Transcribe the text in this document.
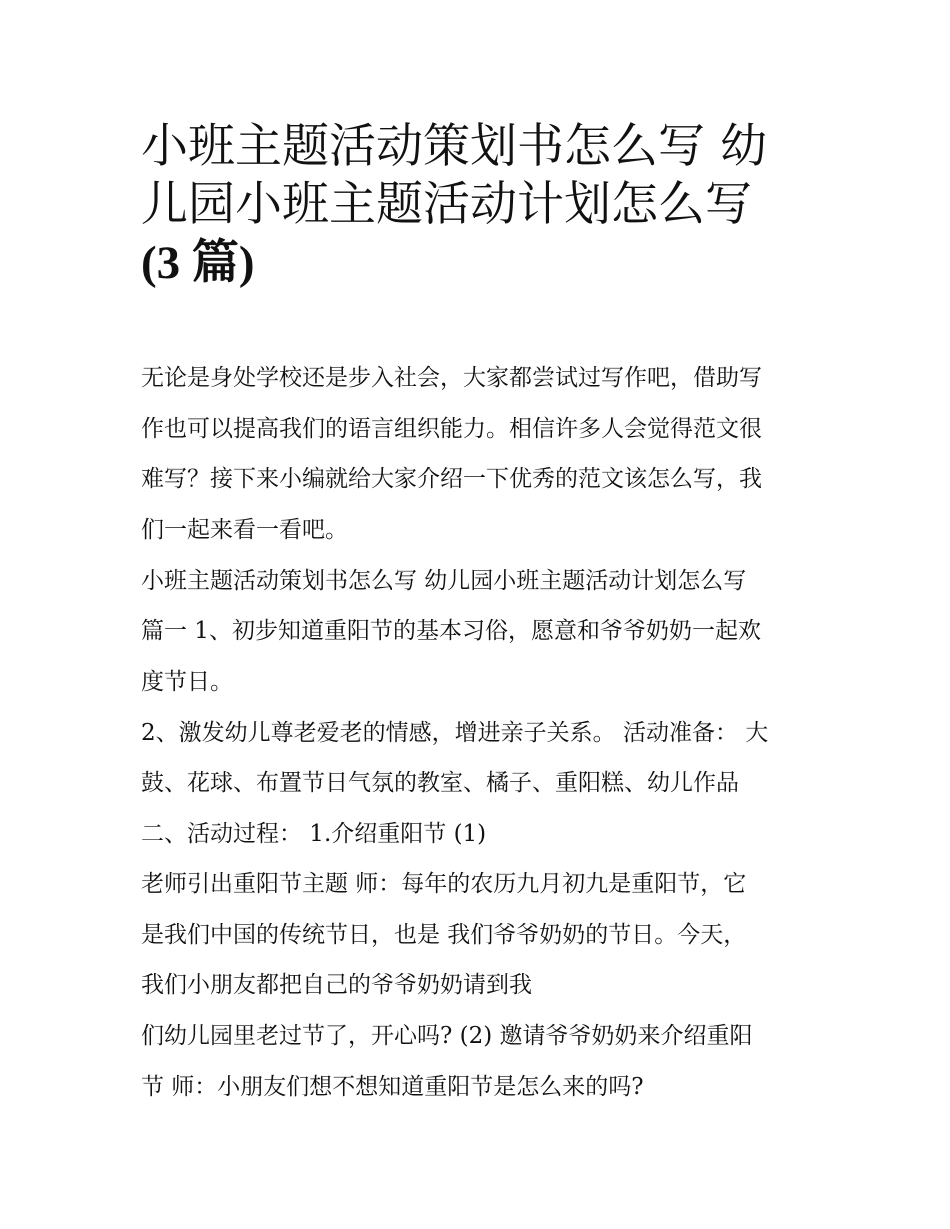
小班主题活动策划书怎么写 幼
儿园小班主题活动计划怎么写
(3 篇)
无论是身处学校还是步入社会，大家都尝试过写作吧，借助写
作也可以提高我们的语言组织能力。相信许多人会觉得范文很
难写？接下来小编就给大家介绍一下优秀的范文该怎么写，我
们一起来看一看吧。
小班主题活动策划书怎么写 幼儿园小班主题活动计划怎么写
篇一 1、初步知道重阳节的基本习俗，愿意和爷爷奶奶一起欢
度节日。
2、激发幼儿尊老爱老的情感，增进亲子关系。 活动准备： 大
鼓、花球、布置节日气氛的教室、橘子、重阳糕、幼儿作品
二、活动过程： 1.介绍重阳节 (1)
老师引出重阳节主题 师：每年的农历九月初九是重阳节，它
是我们中国的传统节日，也是 我们爷爷奶奶的节日。今天，
我们小朋友都把自己的爷爷奶奶请到我
们幼儿园里老过节了，开心吗? (2) 邀请爷爷奶奶来介绍重阳
节 师：小朋友们想不想知道重阳节是怎么来的吗?
